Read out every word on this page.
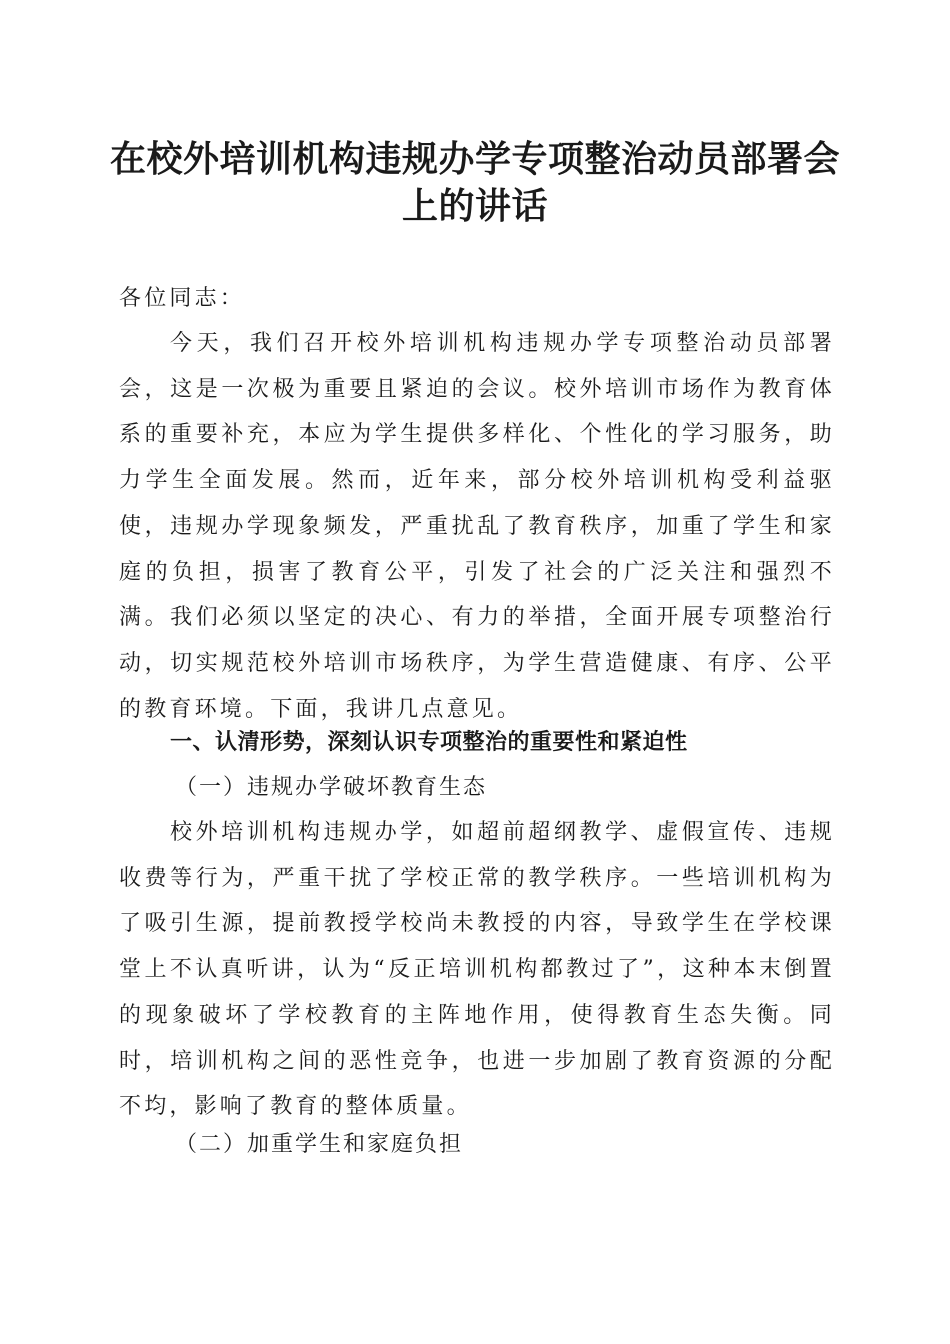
在校外培训机构违规办学专项整治动员部署会上的讲话
各位同志：
今天，我们召开校外培训机构违规办学专项整治动员部署会，这是一次极为重要且紧迫的会议。校外培训市场作为教育体系的重要补充，本应为学生提供多样化、个性化的学习服务，助力学生全面发展。然而，近年来，部分校外培训机构受利益驱使，违规办学现象频发，严重扰乱了教育秩序，加重了学生和家庭的负担，损害了教育公平，引发了社会的广泛关注和强烈不满。我们必须以坚定的决心、有力的举措，全面开展专项整治行动，切实规范校外培训市场秩序，为学生营造健康、有序、公平的教育环境。下面，我讲几点意见。
一、认清形势，深刻认识专项整治的重要性和紧迫性
（一）违规办学破坏教育生态
校外培训机构违规办学，如超前超纲教学、虚假宣传、违规收费等行为，严重干扰了学校正常的教学秩序。一些培训机构为了吸引生源，提前教授学校尚未教授的内容，导致学生在学校课堂上不认真听讲，认为“反正培训机构都教过了”，这种本末倒置的现象破坏了学校教育的主阵地作用，使得教育生态失衡。同时，培训机构之间的恶性竞争，也进一步加剧了教育资源的分配不均，影响了教育的整体质量。
（二）加重学生和家庭负担
